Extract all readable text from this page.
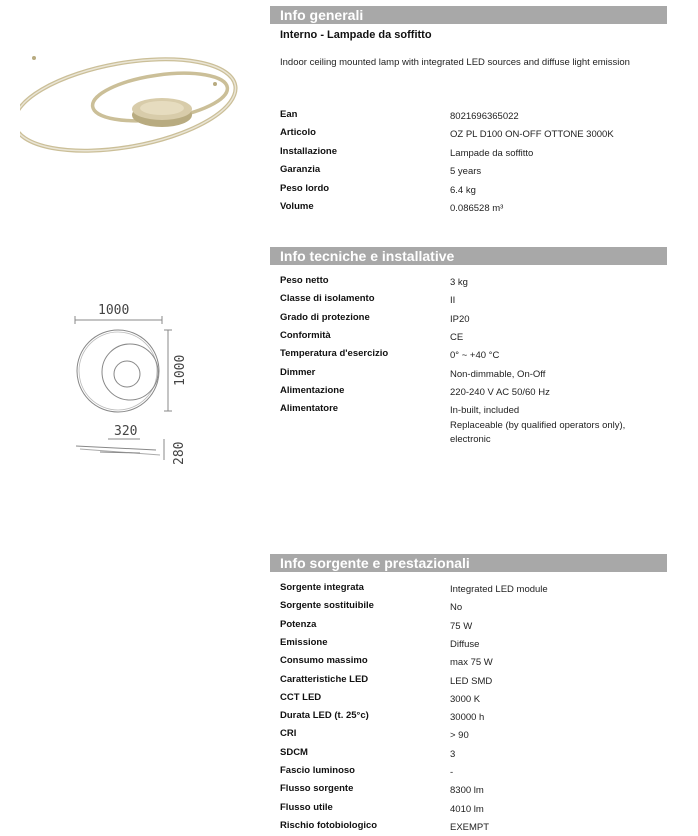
1000
1000
320
280
Info generali
Interno - Lampade da soffitto
Indoor ceiling mounted lamp with integrated LED sources and diffuse light emission
Ean	8021696365022
Articolo	OZ PL D100 ON-OFF OTTONE 3000K
Installazione	Lampade da soffitto
Garanzia	5 years
Peso lordo	6.4 kg
Volume	0.086528 m³
Info tecniche e installative
Peso netto	3 kg
Classe di isolamento	II
Grado di protezione	IP20
Conformità	CE
Temperatura d'esercizio	0° ~ +40 °C
Dimmer	Non-dimmable, On-Off
Alimentazione	220-240 V AC 50/60 Hz
Alimentatore	In-built, included
Replaceable (by qualified operators only),
electronic
Info sorgente e prestazionali
Sorgente integrata	Integrated LED module
Sorgente sostituibile	No
Potenza	75 W
Emissione	Diffuse
Consumo massimo	max 75 W
Caratteristiche LED	LED SMD
CCT LED	3000 K
Durata LED (t. 25°c)	30000 h
CRI	> 90
SDCM	3
Fascio luminoso	-
Flusso sorgente	8300 lm
Flusso utile	4010 lm
Rischio fotobiologico	EXEMPT
